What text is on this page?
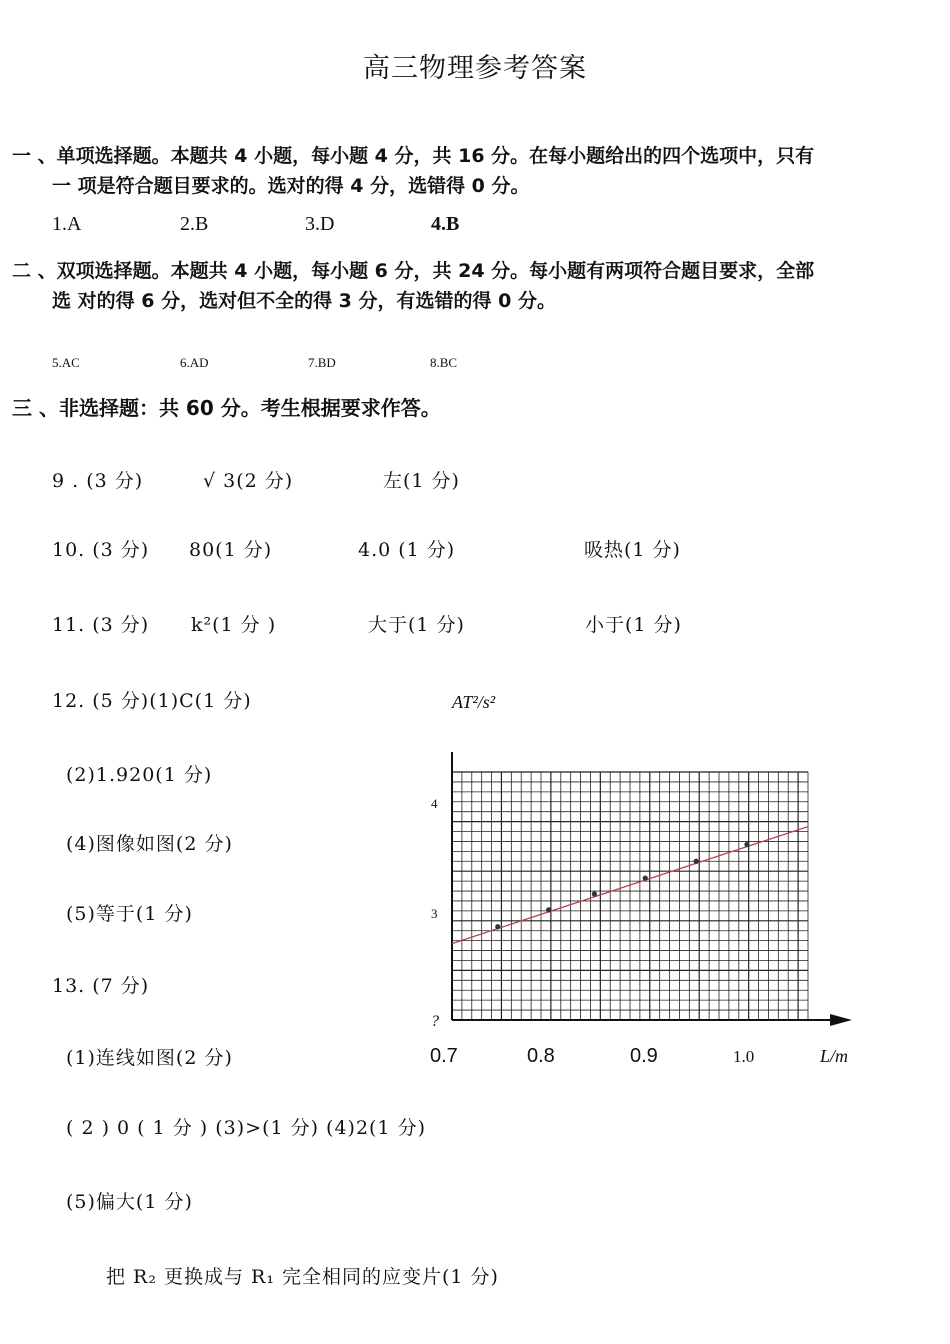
高三物理参考答案
一 、单项选择题。本题共 4 小题，每小题 4 分，共 16 分。在每小题给出的四个选项中，只有
一 项是符合题目要求的。选对的得 4 分，选错得 0 分。
1.A	2.B	3.D	4.B
二 、双项选择题。本题共 4 小题，每小题 6 分，共 24 分。每小题有两项符合题目要求，全部
选 对的得 6 分，选对但不全的得 3 分，有选错的得 0 分。
5.AC	6.AD	7.BD	8.BC
三 、非选择题：共 60 分。考生根据要求作答。
9 . (3 分)	√ 3(2 分)	左(1 分)
10. (3 分) 80(1 分)	4.0 (1 分)	吸热(1 分)
11. (3 分) k²(1 分 )	大于(1 分)	小于(1 分)
12. (5 分)(1)C(1 分)
(2)1.920(1 分)
(4)图像如图(2 分)
(5)等于(1 分)
13. (7 分)
(1)连线如图(2 分)
( 2 ) 0 ( 1 分 ) (3)>(1 分) (4)2(1 分)
(5)偏大(1 分)
把 R₂ 更换成与 R₁ 完全相同的应变片(1 分)
AT²/s²
L/m
0.7	0.8	0.9	1.0
4
3
?
